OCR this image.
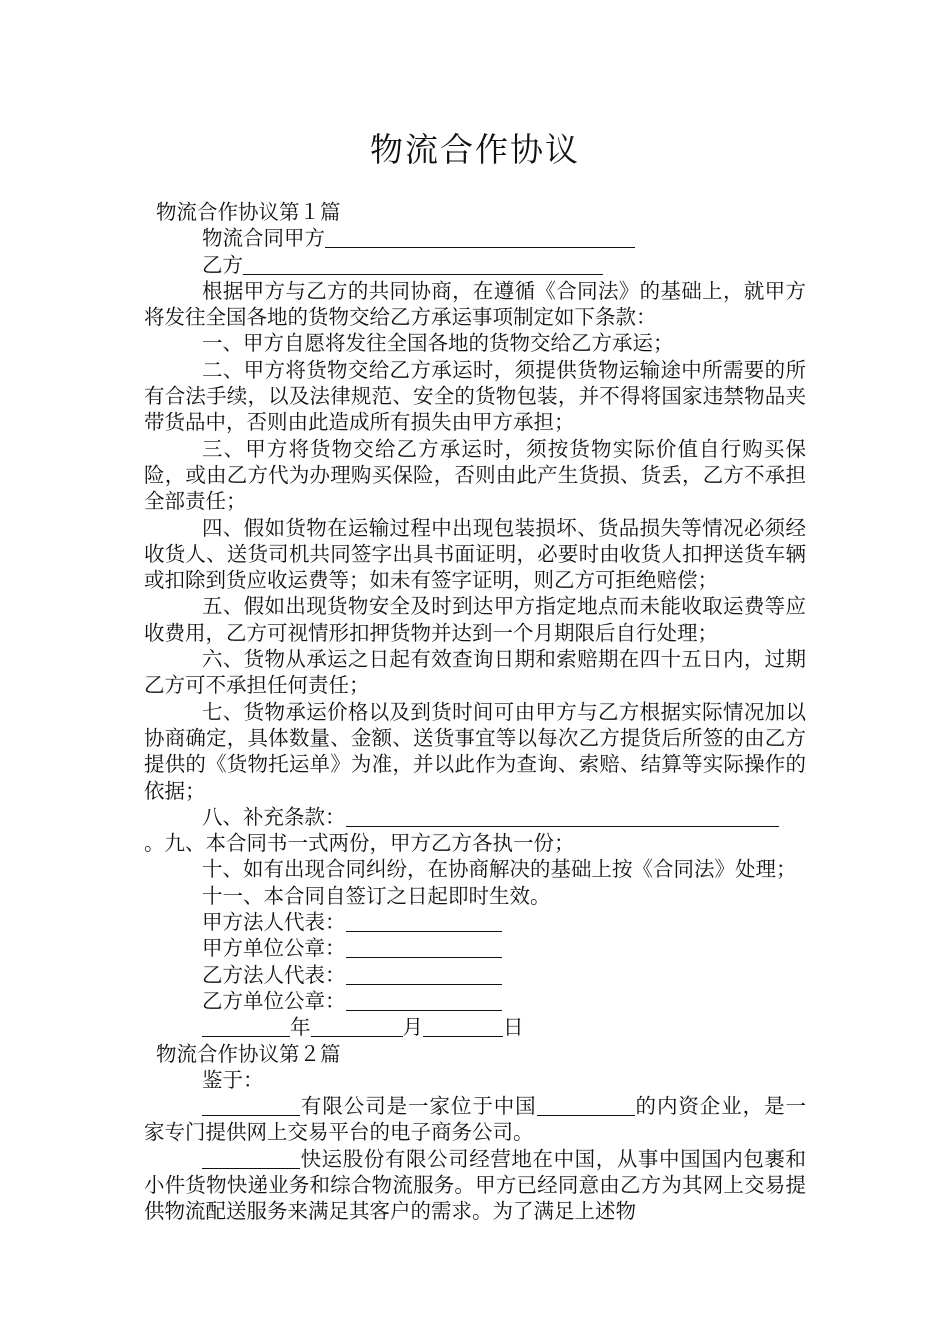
物流合作协议

物流合作协议第１篇

物流合同甲方

乙方

根据甲方与乙方的共同协商，在遵循《合同法》的基础上，就甲方将发往全国各地的货物交给乙方承运事项制定如下条款：

一、甲方自愿将发往全国各地的货物交给乙方承运；

二、甲方将货物交给乙方承运时，须提供货物运输途中所需要的所有合法手续，以及法律规范、安全的货物包装，并不得将国家违禁物品夹带货品中，否则由此造成所有损失由甲方承担；

三、甲方将货物交给乙方承运时，须按货物实际价值自行购买保险，或由乙方代为办理购买保险，否则由此产生货损、货丢，乙方不承担全部责任；

四、假如货物在运输过程中出现包装损坏、货品损失等情况必须经收货人、送货司机共同签字出具书面证明，必要时由收货人扣押送货车辆或扣除到货应收运费等；如未有签字证明，则乙方可拒绝赔偿；

五、假如出现货物安全及时到达甲方指定地点而未能收取运费等应收费用，乙方可视情形扣押货物并达到一个月期限后自行处理；

六、货物从承运之日起有效查询日期和索赔期在四十五日内，过期乙方可不承担任何责任；

七、货物承运价格以及到货时间可由甲方与乙方根据实际情况加以协商确定，具体数量、金额、送货事宜等以每次乙方提货后所签的由乙方提供的《货物托运单》为准，并以此作为查询、索赔、结算等实际操作的依据；

八、补充条款：

。九、本合同书一式两份，甲方乙方各执一份；

十、如有出现合同纠纷，在协商解决的基础上按《合同法》处理；

十一、本合同自签订之日起即时生效。

甲方法人代表：

甲方单位公章：

乙方法人代表：

乙方单位公章：

年	月	日

物流合作协议第２篇

鉴于：

有限公司是一家位于中国	的内资企业，是一家专门提供网上交易平台的电子商务公司。

快运股份有限公司经营地在中国，从事中国国内包裹和小件货物快递业务和综合物流服务。甲方已经同意由乙方为其网上交易提供物流配送服务来满足其客户的需求。为了满足上述物
